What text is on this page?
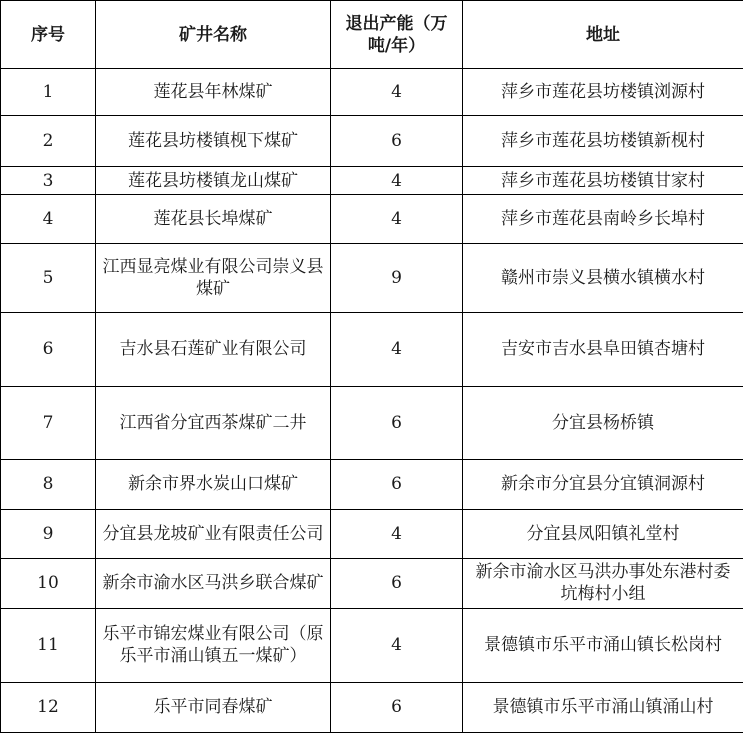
序号	矿井名称	退出产能（万吨/年）	地址
1	莲花县年林煤矿	4	萍乡市莲花县坊楼镇浏源村
2	莲花县坊楼镇枧下煤矿	6	萍乡市莲花县坊楼镇新枧村
3	莲花县坊楼镇龙山煤矿	4	萍乡市莲花县坊楼镇甘家村
4	莲花县长埠煤矿	4	萍乡市莲花县南岭乡长埠村
5	江西显亮煤业有限公司崇义县煤矿	9	赣州市崇义县横水镇横水村
6	吉水县石莲矿业有限公司	4	吉安市吉水县阜田镇杏塘村
7	江西省分宜西茶煤矿二井	6	分宜县杨桥镇
8	新余市界水炭山口煤矿	6	新余市分宜县分宜镇洞源村
9	分宜县龙坡矿业有限责任公司	4	分宜县凤阳镇礼堂村
10	新余市渝水区马洪乡联合煤矿	6	新余市渝水区马洪办事处东港村委坑梅村小组
11	乐平市锦宏煤业有限公司（原乐平市涌山镇五一煤矿）	4	景德镇市乐平市涌山镇长松岗村
12	乐平市同春煤矿	6	景德镇市乐平市涌山镇涌山村
